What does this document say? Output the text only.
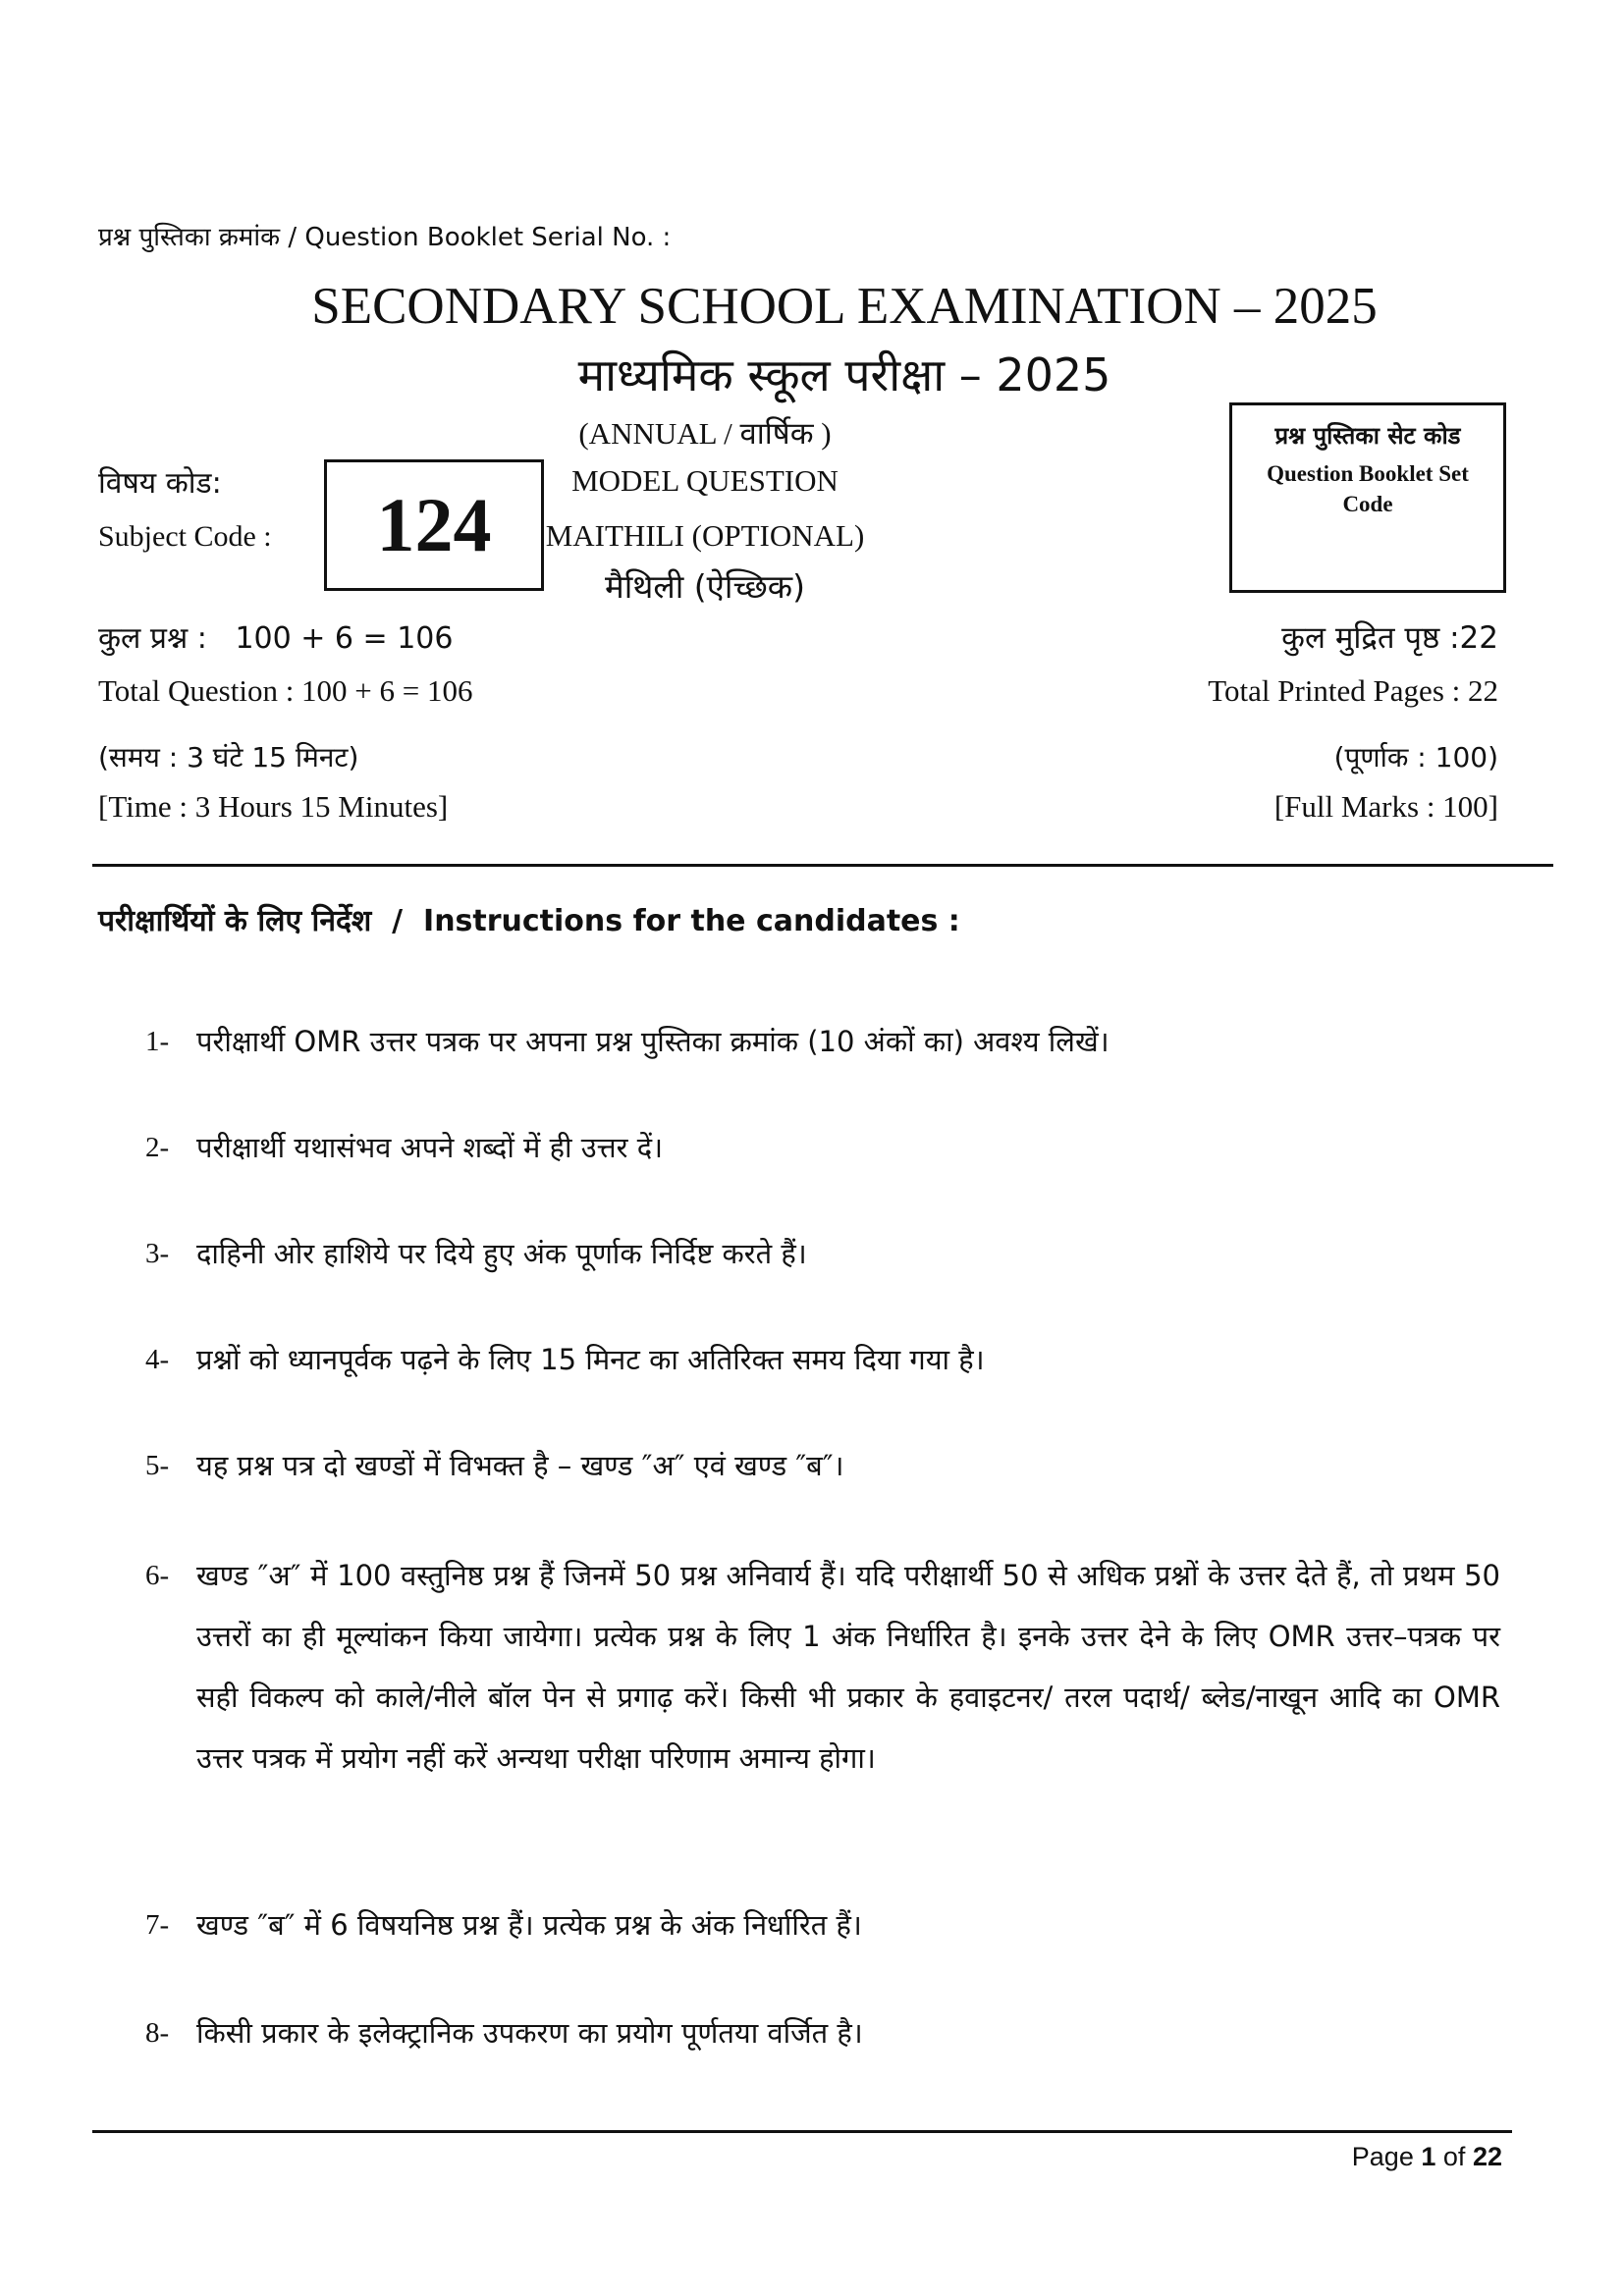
प्रश्न पुस्तिका क्रमांक / Question Booklet Serial No. :
SECONDARY SCHOOL EXAMINATION – 2025
माध्यमिक स्कूल परीक्षा – 2025
(ANNUAL / वार्षिक )
MODEL QUESTION
MAITHILI (OPTIONAL)
मैथिली (ऐच्छिक)
विषय कोड:
Subject Code : 124
प्रश्न पुस्तिका सेट कोड
Question Booklet Set Code
कुल प्रश्न :   100 + 6 = 106
Total Question : 100 + 6 = 106
कुल मुद्रित पृष्ठ :22
Total Printed Pages : 22
(समय : 3 घंटे 15 मिनट)
[Time : 3 Hours 15 Minutes]
(पूर्णाक : 100)
[Full Marks : 100]
परीक्षार्थियों के लिए निर्देश  /  Instructions for the candidates :
1- परीक्षार्थी OMR उत्तर पत्रक पर अपना प्रश्न पुस्तिका क्रमांक (10 अंकों का) अवश्य लिखें।
2- परीक्षार्थी यथासंभव अपने शब्दों में ही उत्तर दें।
3- दाहिनी ओर हाशिये पर दिये हुए अंक पूर्णाक निर्दिष्ट करते हैं।
4- प्रश्नों को ध्यानपूर्वक पढ़ने के लिए 15 मिनट का अतिरिक्त समय दिया गया है।
5- यह प्रश्न पत्र दो खण्डों में विभक्त है – खण्ड ″अ″ एवं खण्ड ″ब″।
6- खण्ड ″अ″ में 100 वस्तुनिष्ठ प्रश्न हैं जिनमें 50 प्रश्न अनिवार्य हैं। यदि परीक्षार्थी 50 से अधिक प्रश्नों के उत्तर देते हैं, तो प्रथम 50 उत्तरों का ही मूल्यांकन किया जायेगा। प्रत्येक प्रश्न के लिए 1 अंक निर्धारित है। इनके उत्तर देने के लिए OMR उत्तर–पत्रक पर सही विकल्प को काले/नीले बॉल पेन से प्रगाढ़ करें। किसी भी प्रकार के हवाइटनर/ तरल पदार्थ/ ब्लेड/नाखून आदि का OMR उत्तर पत्रक में प्रयोग नहीं करें अन्यथा परीक्षा परिणाम अमान्य होगा।
7- खण्ड ″ब″ में 6 विषयनिष्ठ प्रश्न हैं। प्रत्येक प्रश्न के अंक निर्धारित हैं।
8- किसी प्रकार के इलेक्ट्रानिक उपकरण का प्रयोग पूर्णतया वर्जित है।
Page 1 of 22
